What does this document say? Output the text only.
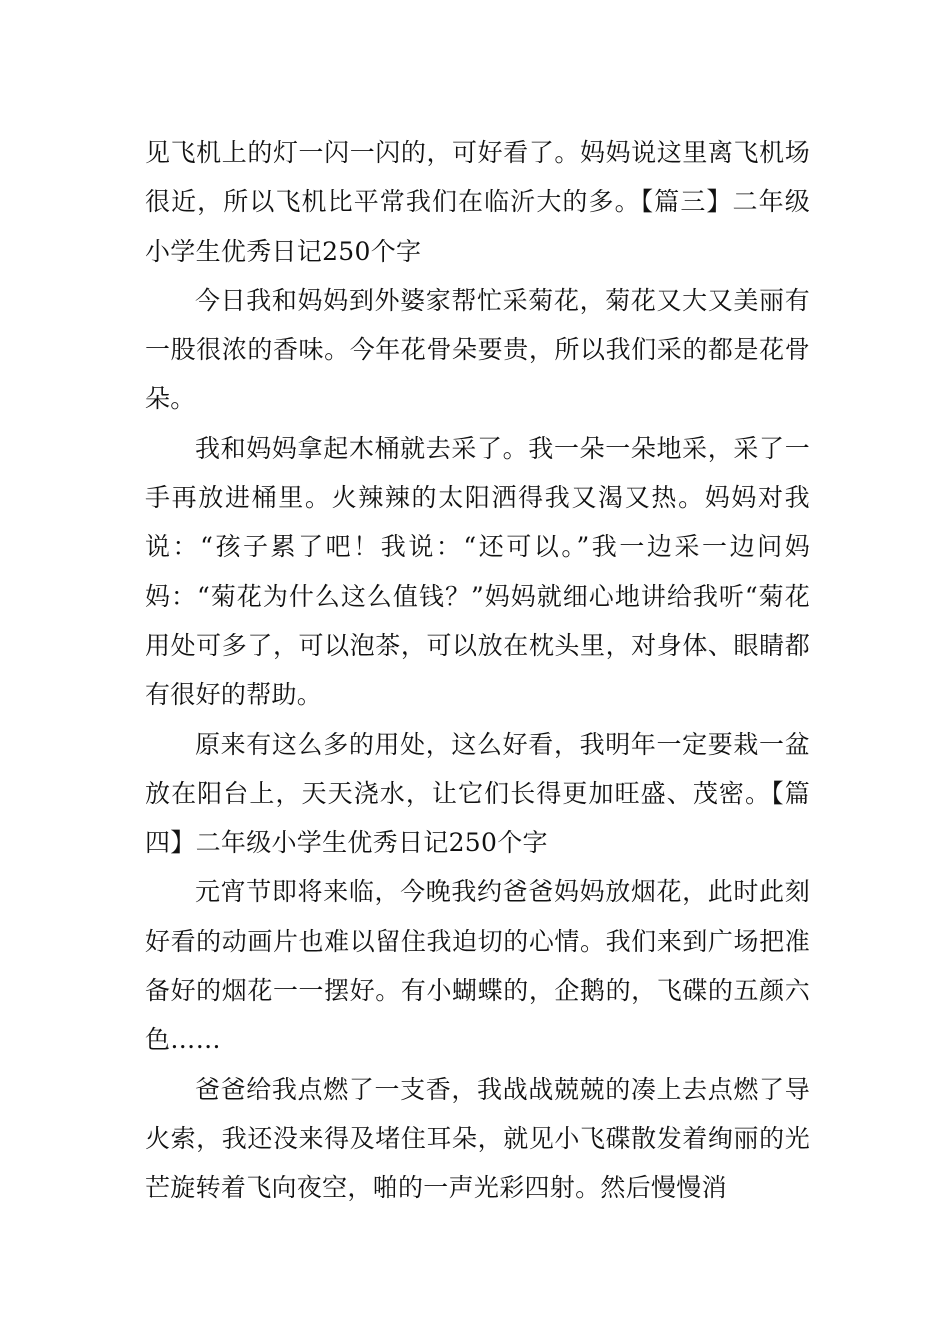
见飞机上的灯一闪一闪的，可好看了。妈妈说这里离飞机场很近，所以飞机比平常我们在临沂大的多。【篇三】二年级小学生优秀日记250个字

今日我和妈妈到外婆家帮忙采菊花，菊花又大又美丽有一股很浓的香味。今年花骨朵要贵，所以我们采的都是花骨朵。

我和妈妈拿起木桶就去采了。我一朵一朵地采，采了一手再放进桶里。火辣辣的太阳洒得我又渴又热。妈妈对我说：“孩子累了吧！我说：“还可以。”我一边采一边问妈妈：“菊花为什么这么值钱？”妈妈就细心地讲给我听“菊花用处可多了，可以泡茶，可以放在枕头里，对身体、眼睛都有很好的帮助。

原来有这么多的用处，这么好看，我明年一定要栽一盆放在阳台上，天天浇水，让它们长得更加旺盛、茂密。【篇四】二年级小学生优秀日记250个字

元宵节即将来临，今晚我约爸爸妈妈放烟花，此时此刻好看的动画片也难以留住我迫切的心情。我们来到广场把准备好的烟花一一摆好。有小蝴蝶的，企鹅的，飞碟的五颜六色……

爸爸给我点燃了一支香，我战战兢兢的凑上去点燃了导火索，我还没来得及堵住耳朵，就见小飞碟散发着绚丽的光芒旋转着飞向夜空，啪的一声光彩四射。然后慢慢消
